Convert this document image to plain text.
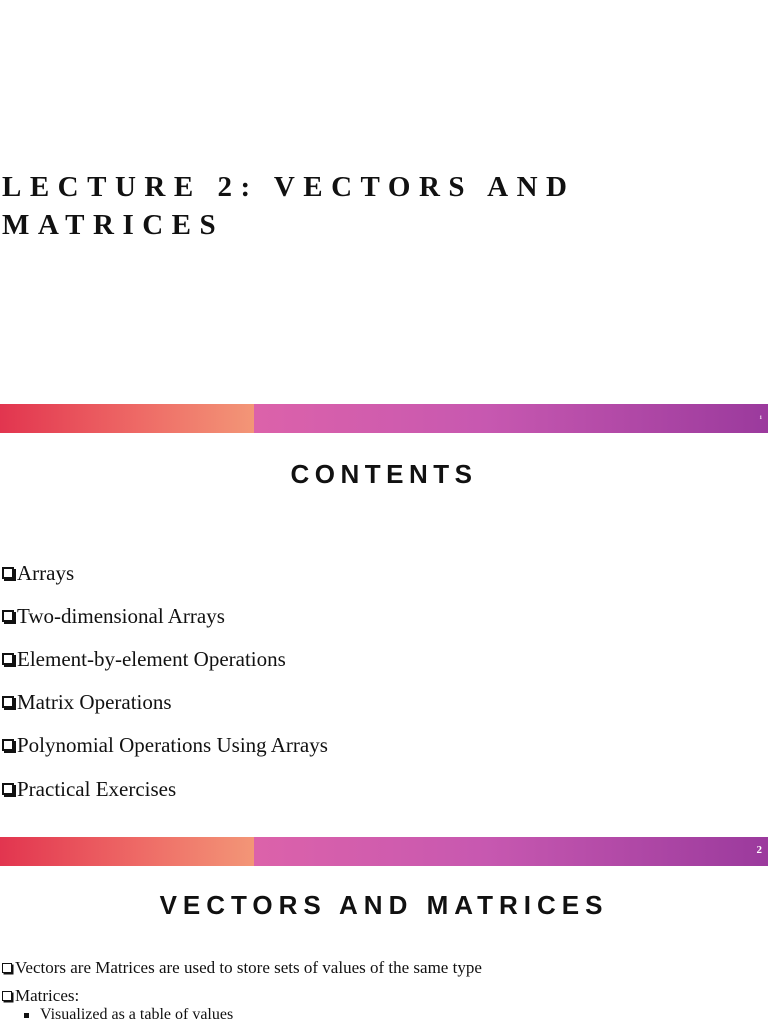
LECTURE 2: VECTORS AND
MATRICES
1
CONTENTS
Arrays
Two-dimensional Arrays
Element-by-element Operations
Matrix Operations
Polynomial Operations Using Arrays
Practical Exercises
2
VECTORS AND MATRICES
Vectors are Matrices are used to store sets of values of the same type
Matrices:
Visualized as a table of values
